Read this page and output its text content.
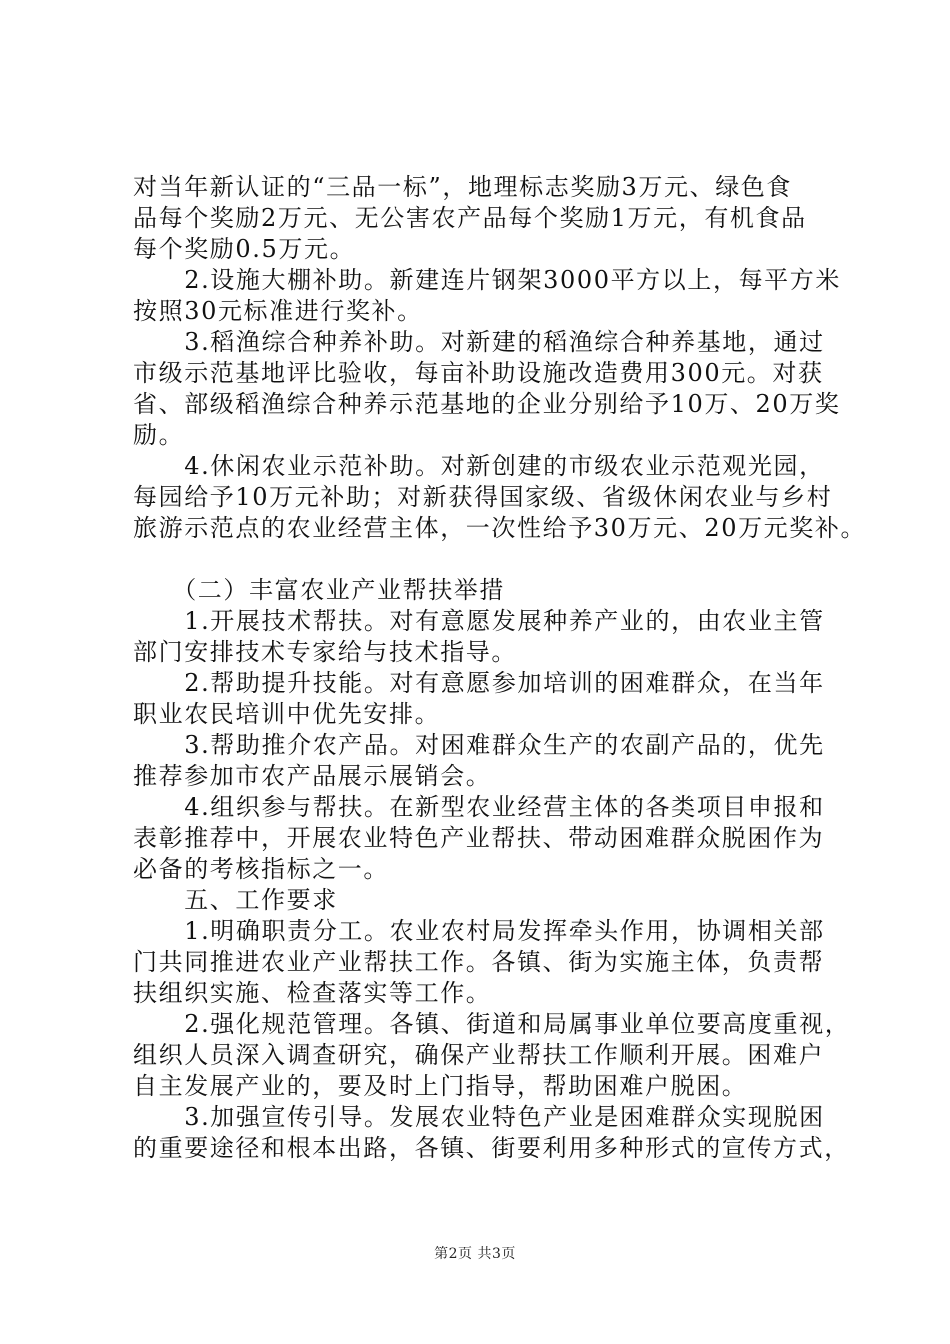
对当年新认证的“三品一标”，地理标志奖励3万元、绿色食
品每个奖励2万元、无公害农产品每个奖励1万元，有机食品
每个奖励0.5万元。
　　2.设施大棚补助。新建连片钢架3000平方以上，每平方米
按照30元标准进行奖补。
　　3.稻渔综合种养补助。对新建的稻渔综合种养基地，通过
市级示范基地评比验收，每亩补助设施改造费用300元。对获
省、部级稻渔综合种养示范基地的企业分别给予10万、20万奖
励。
　　4.休闲农业示范补助。对新创建的市级农业示范观光园，
每园给予10万元补助；对新获得国家级、省级休闲农业与乡村
旅游示范点的农业经营主体，一次性给予30万元、20万元奖补。
　　（二）丰富农业产业帮扶举措
　　1.开展技术帮扶。对有意愿发展种养产业的，由农业主管
部门安排技术专家给与技术指导。
　　2.帮助提升技能。对有意愿参加培训的困难群众，在当年
职业农民培训中优先安排。
　　3.帮助推介农产品。对困难群众生产的农副产品的，优先
推荐参加市农产品展示展销会。
　　4.组织参与帮扶。在新型农业经营主体的各类项目申报和
表彰推荐中，开展农业特色产业帮扶、带动困难群众脱困作为
必备的考核指标之一。
　　五、工作要求
　　1.明确职责分工。农业农村局发挥牵头作用，协调相关部
门共同推进农业产业帮扶工作。各镇、街为实施主体，负责帮
扶组织实施、检查落实等工作。
　　2.强化规范管理。各镇、街道和局属事业单位要高度重视，
组织人员深入调查研究，确保产业帮扶工作顺利开展。困难户
自主发展产业的，要及时上门指导，帮助困难户脱困。
　　3.加强宣传引导。发展农业特色产业是困难群众实现脱困
的重要途径和根本出路，各镇、街要利用多种形式的宣传方式，
第2页 共3页
